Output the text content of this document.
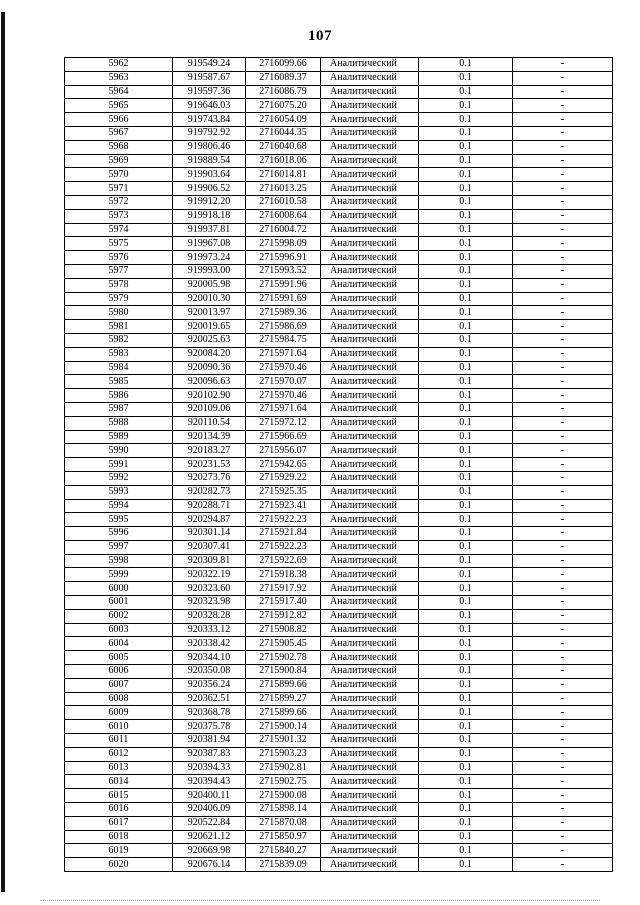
107
5962	919549.24	2716099.66	Аналитический	0.1	-
5963	919587.67	2716089.37	Аналитический	0.1	-
5964	919597.36	2716086.79	Аналитический	0.1	-
5965	919646.03	2716075.20	Аналитический	0.1	-
5966	919743.84	2716054.09	Аналитический	0.1	-
5967	919792.92	2716044.35	Аналитический	0.1	-
5968	919806.46	2716040.68	Аналитический	0.1	-
5969	919889.54	2716018.06	Аналитический	0.1	-
5970	919903.64	2716014.81	Аналитический	0.1	-
5971	919906.52	2716013.25	Аналитический	0.1	-
5972	919912.20	2716010.58	Аналитический	0.1	-
5973	919918.18	2716008.64	Аналитический	0.1	-
5974	919937.81	2716004.72	Аналитический	0.1	-
5975	919967.08	2715998.09	Аналитический	0.1	-
5976	919973.24	2715996.91	Аналитический	0.1	-
5977	919993.00	2715993.52	Аналитический	0.1	-
5978	920005.98	2715991.96	Аналитический	0.1	-
5979	920010.30	2715991.69	Аналитический	0.1	-
5980	920013.97	2715989.36	Аналитический	0.1	-
5981	920019.65	2715986.69	Аналитический	0.1	-
5982	920025.63	2715984.75	Аналитический	0.1	-
5983	920084.20	2715971.64	Аналитический	0.1	-
5984	920090.36	2715970.46	Аналитический	0.1	-
5985	920096.63	2715970.07	Аналитический	0.1	-
5986	920102.90	2715970.46	Аналитический	0.1	-
5987	920109.06	2715971.64	Аналитический	0.1	-
5988	920110.54	2715972.12	Аналитический	0.1	-
5989	920134.39	2715966.69	Аналитический	0.1	-
5990	920183.27	2715956.07	Аналитический	0.1	-
5991	920231.53	2715942.65	Аналитический	0.1	-
5992	920273.76	2715929.22	Аналитический	0.1	-
5993	920282.73	2715925.35	Аналитический	0.1	-
5994	920288.71	2715923.41	Аналитический	0.1	-
5995	920294.87	2715922.23	Аналитический	0.1	-
5996	920301.14	2715921.84	Аналитический	0.1	-
5997	920307.41	2715922.23	Аналитический	0.1	-
5998	920309.81	2715922.69	Аналитический	0.1	-
5999	920322.19	2715918.38	Аналитический	0.1	-
6000	920323.60	2715917.92	Аналитический	0.1	-
6001	920323.98	2715917.40	Аналитический	0.1	-
6002	920328.28	2715912.82	Аналитический	0.1	-
6003	920333.12	2715908.82	Аналитический	0.1	-
6004	920338.42	2715905.45	Аналитический	0.1	-
6005	920344.10	2715902.78	Аналитический	0.1	-
6006	920350.08	2715900.84	Аналитический	0.1	-
6007	920356.24	2715899.66	Аналитический	0.1	-
6008	920362.51	2715899.27	Аналитический	0.1	-
6009	920368.78	2715899.66	Аналитический	0.1	-
6010	920375.78	2715900.14	Аналитический	0.1	-
6011	920381.94	2715901.32	Аналитический	0.1	-
6012	920387.83	2715903.23	Аналитический	0.1	-
6013	920394.33	2715902.81	Аналитический	0.1	-
6014	920394.43	2715902.75	Аналитический	0.1	-
6015	920400.11	2715900.08	Аналитический	0.1	-
6016	920406.09	2715898.14	Аналитический	0.1	-
6017	920522.84	2715870.08	Аналитический	0.1	-
6018	920621.12	2715850.97	Аналитический	0.1	-
6019	920669.98	2715840.27	Аналитический	0.1	-
6020	920676.14	2715839.09	Аналитический	0.1	-
